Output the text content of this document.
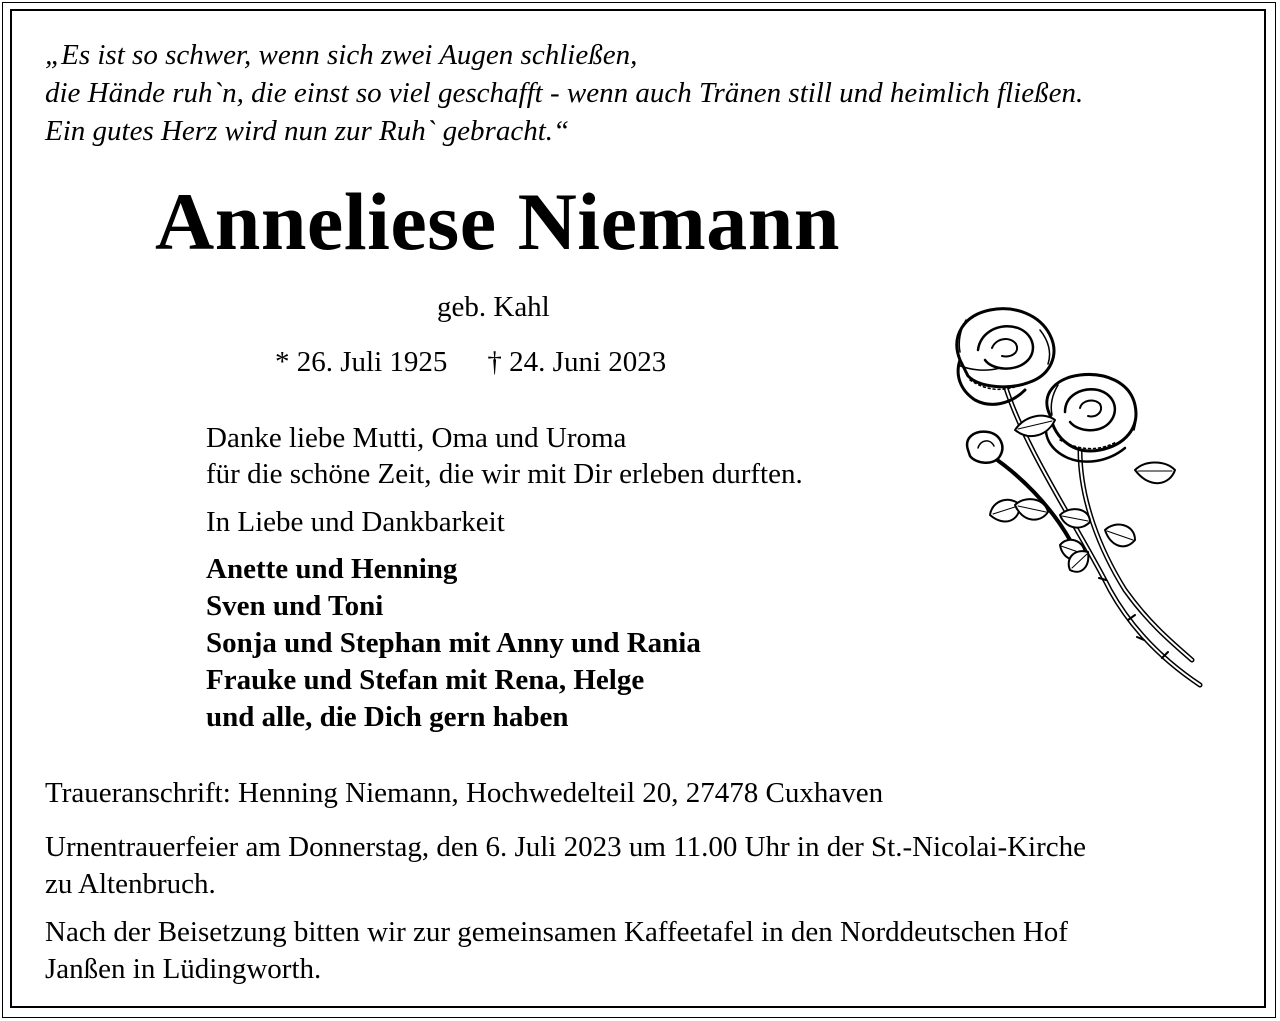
„Es ist so schwer, wenn sich zwei Augen schließen,
die Hände ruh`n, die einst so viel geschafft - wenn auch Tränen still und heimlich fließen.
Ein gutes Herz wird nun zur Ruh` gebracht.“
Anneliese Niemann
geb. Kahl
* 26. Juli 1925 † 24. Juni 2023
Danke liebe Mutti, Oma und Uroma
für die schöne Zeit, die wir mit Dir erleben durften.
In Liebe und Dankbarkeit
Anette und Henning
Sven und Toni
Sonja und Stephan mit Anny und Rania
Frauke und Stefan mit Rena, Helge
und alle, die Dich gern haben
Traueranschrift: Henning Niemann, Hochwedelteil 20, 27478 Cuxhaven
Urnentrauerfeier am Donnerstag, den 6. Juli 2023 um 11.00 Uhr in der St.-Nicolai-Kirche
zu Altenbruch.
Nach der Beisetzung bitten wir zur gemeinsamen Kaffeetafel in den Norddeutschen Hof
Janßen in Lüdingworth.
